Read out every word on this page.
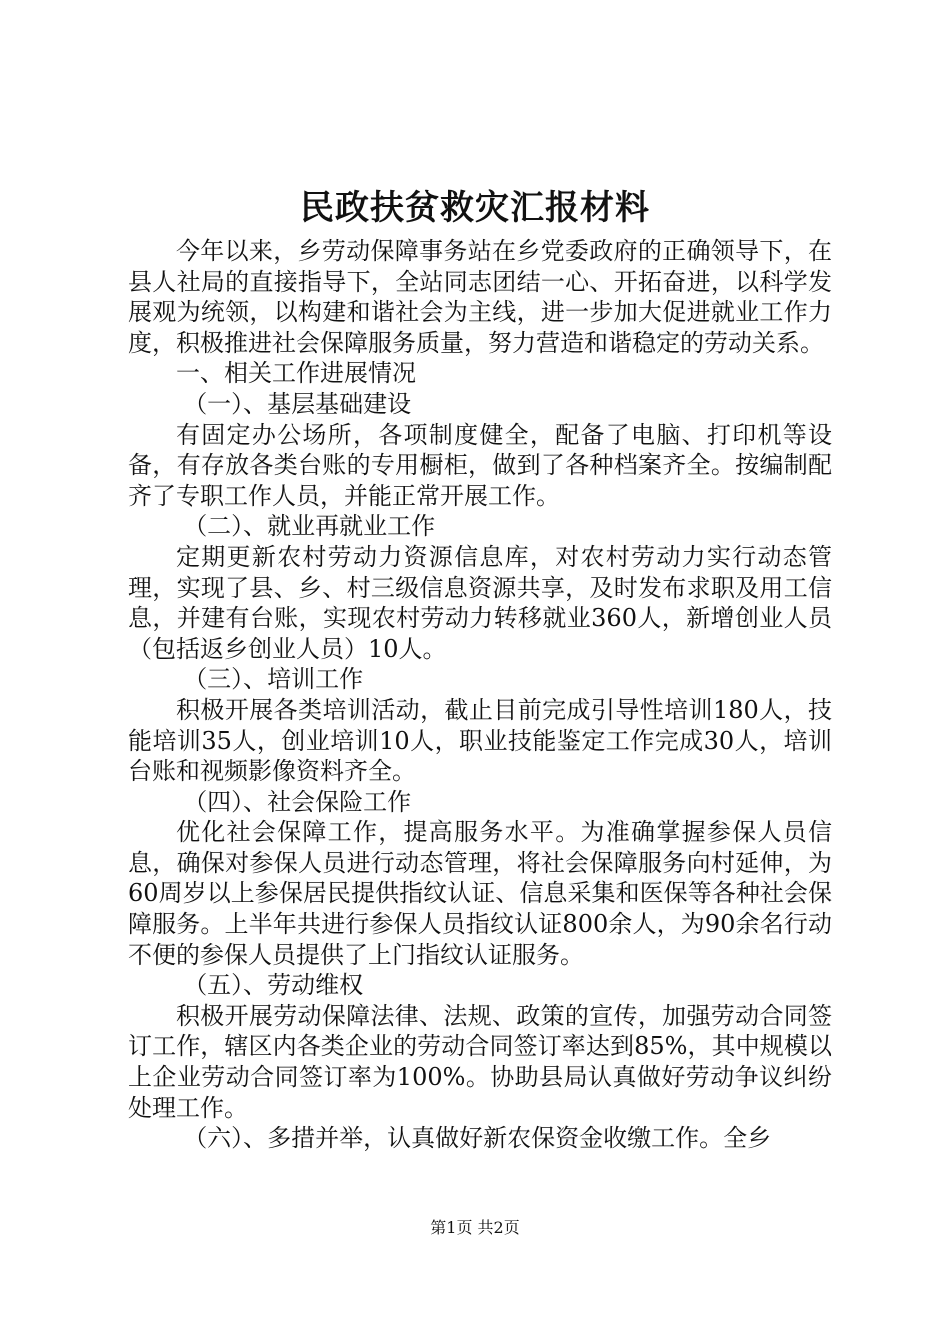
民政扶贫救灾汇报材料

今年以来，乡劳动保障事务站在乡党委政府的正确领导下，在县人社局的直接指导下，全站同志团结一心、开拓奋进，以科学发展观为统领，以构建和谐社会为主线，进一步加大促进就业工作力度，积极推进社会保障服务质量，努力营造和谐稳定的劳动关系。

一、相关工作进展情况

（一）、基层基础建设

有固定办公场所，各项制度健全，配备了电脑、打印机等设备，有存放各类台账的专用橱柜，做到了各种档案齐全。按编制配齐了专职工作人员，并能正常开展工作。

（二）、就业再就业工作

定期更新农村劳动力资源信息库，对农村劳动力实行动态管理，实现了县、乡、村三级信息资源共享，及时发布求职及用工信息，并建有台账，实现农村劳动力转移就业360人，新增创业人员（包括返乡创业人员）10人。

（三）、培训工作

积极开展各类培训活动，截止目前完成引导性培训180人，技能培训35人，创业培训10人，职业技能鉴定工作完成30人，培训台账和视频影像资料齐全。

（四）、社会保险工作

优化社会保障工作，提高服务水平。为准确掌握参保人员信息，确保对参保人员进行动态管理，将社会保障服务向村延伸，为60周岁以上参保居民提供指纹认证、信息采集和医保等各种社会保障服务。上半年共进行参保人员指纹认证800余人，为90余名行动不便的参保人员提供了上门指纹认证服务。

（五）、劳动维权

积极开展劳动保障法律、法规、政策的宣传，加强劳动合同签订工作，辖区内各类企业的劳动合同签订率达到85%，其中规模以上企业劳动合同签订率为100%。协助县局认真做好劳动争议纠纷处理工作。

（六）、多措并举，认真做好新农保资金收缴工作。全乡

第1页 共2页
